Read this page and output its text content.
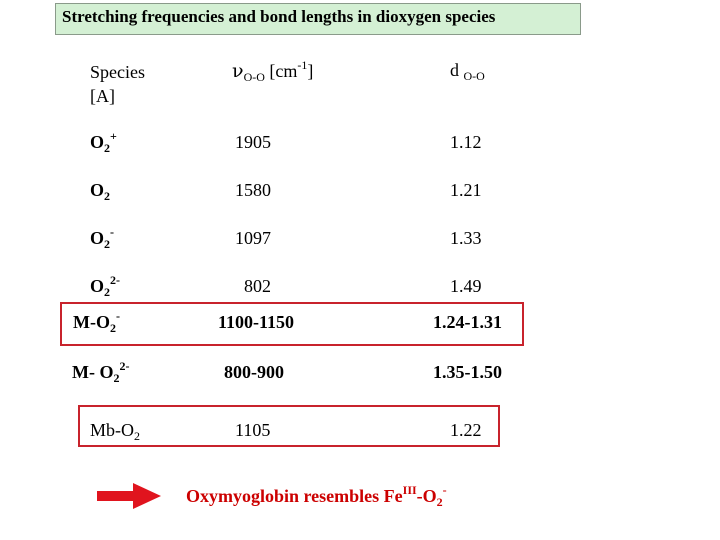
Stretching frequencies and bond lengths in dioxygen species
Species
[A]
$\nu_{O-O}$ $[cm^{-1}]$	d $_{O-O}$
$O_2^+$	1905	1.12
$O_2$	1580	1.21
$O_2^-$	1097	1.33
$O_2^{2-}$	802	1.49
$M-O_2^-$	1100-1150	1.24-1.31
M- $O_2^{2-}$	800-900	1.35-1.50
$Mb-O_2$	1105	1.22
Oxymyoglobin resembles $Fe^{III}-O_2^-$
